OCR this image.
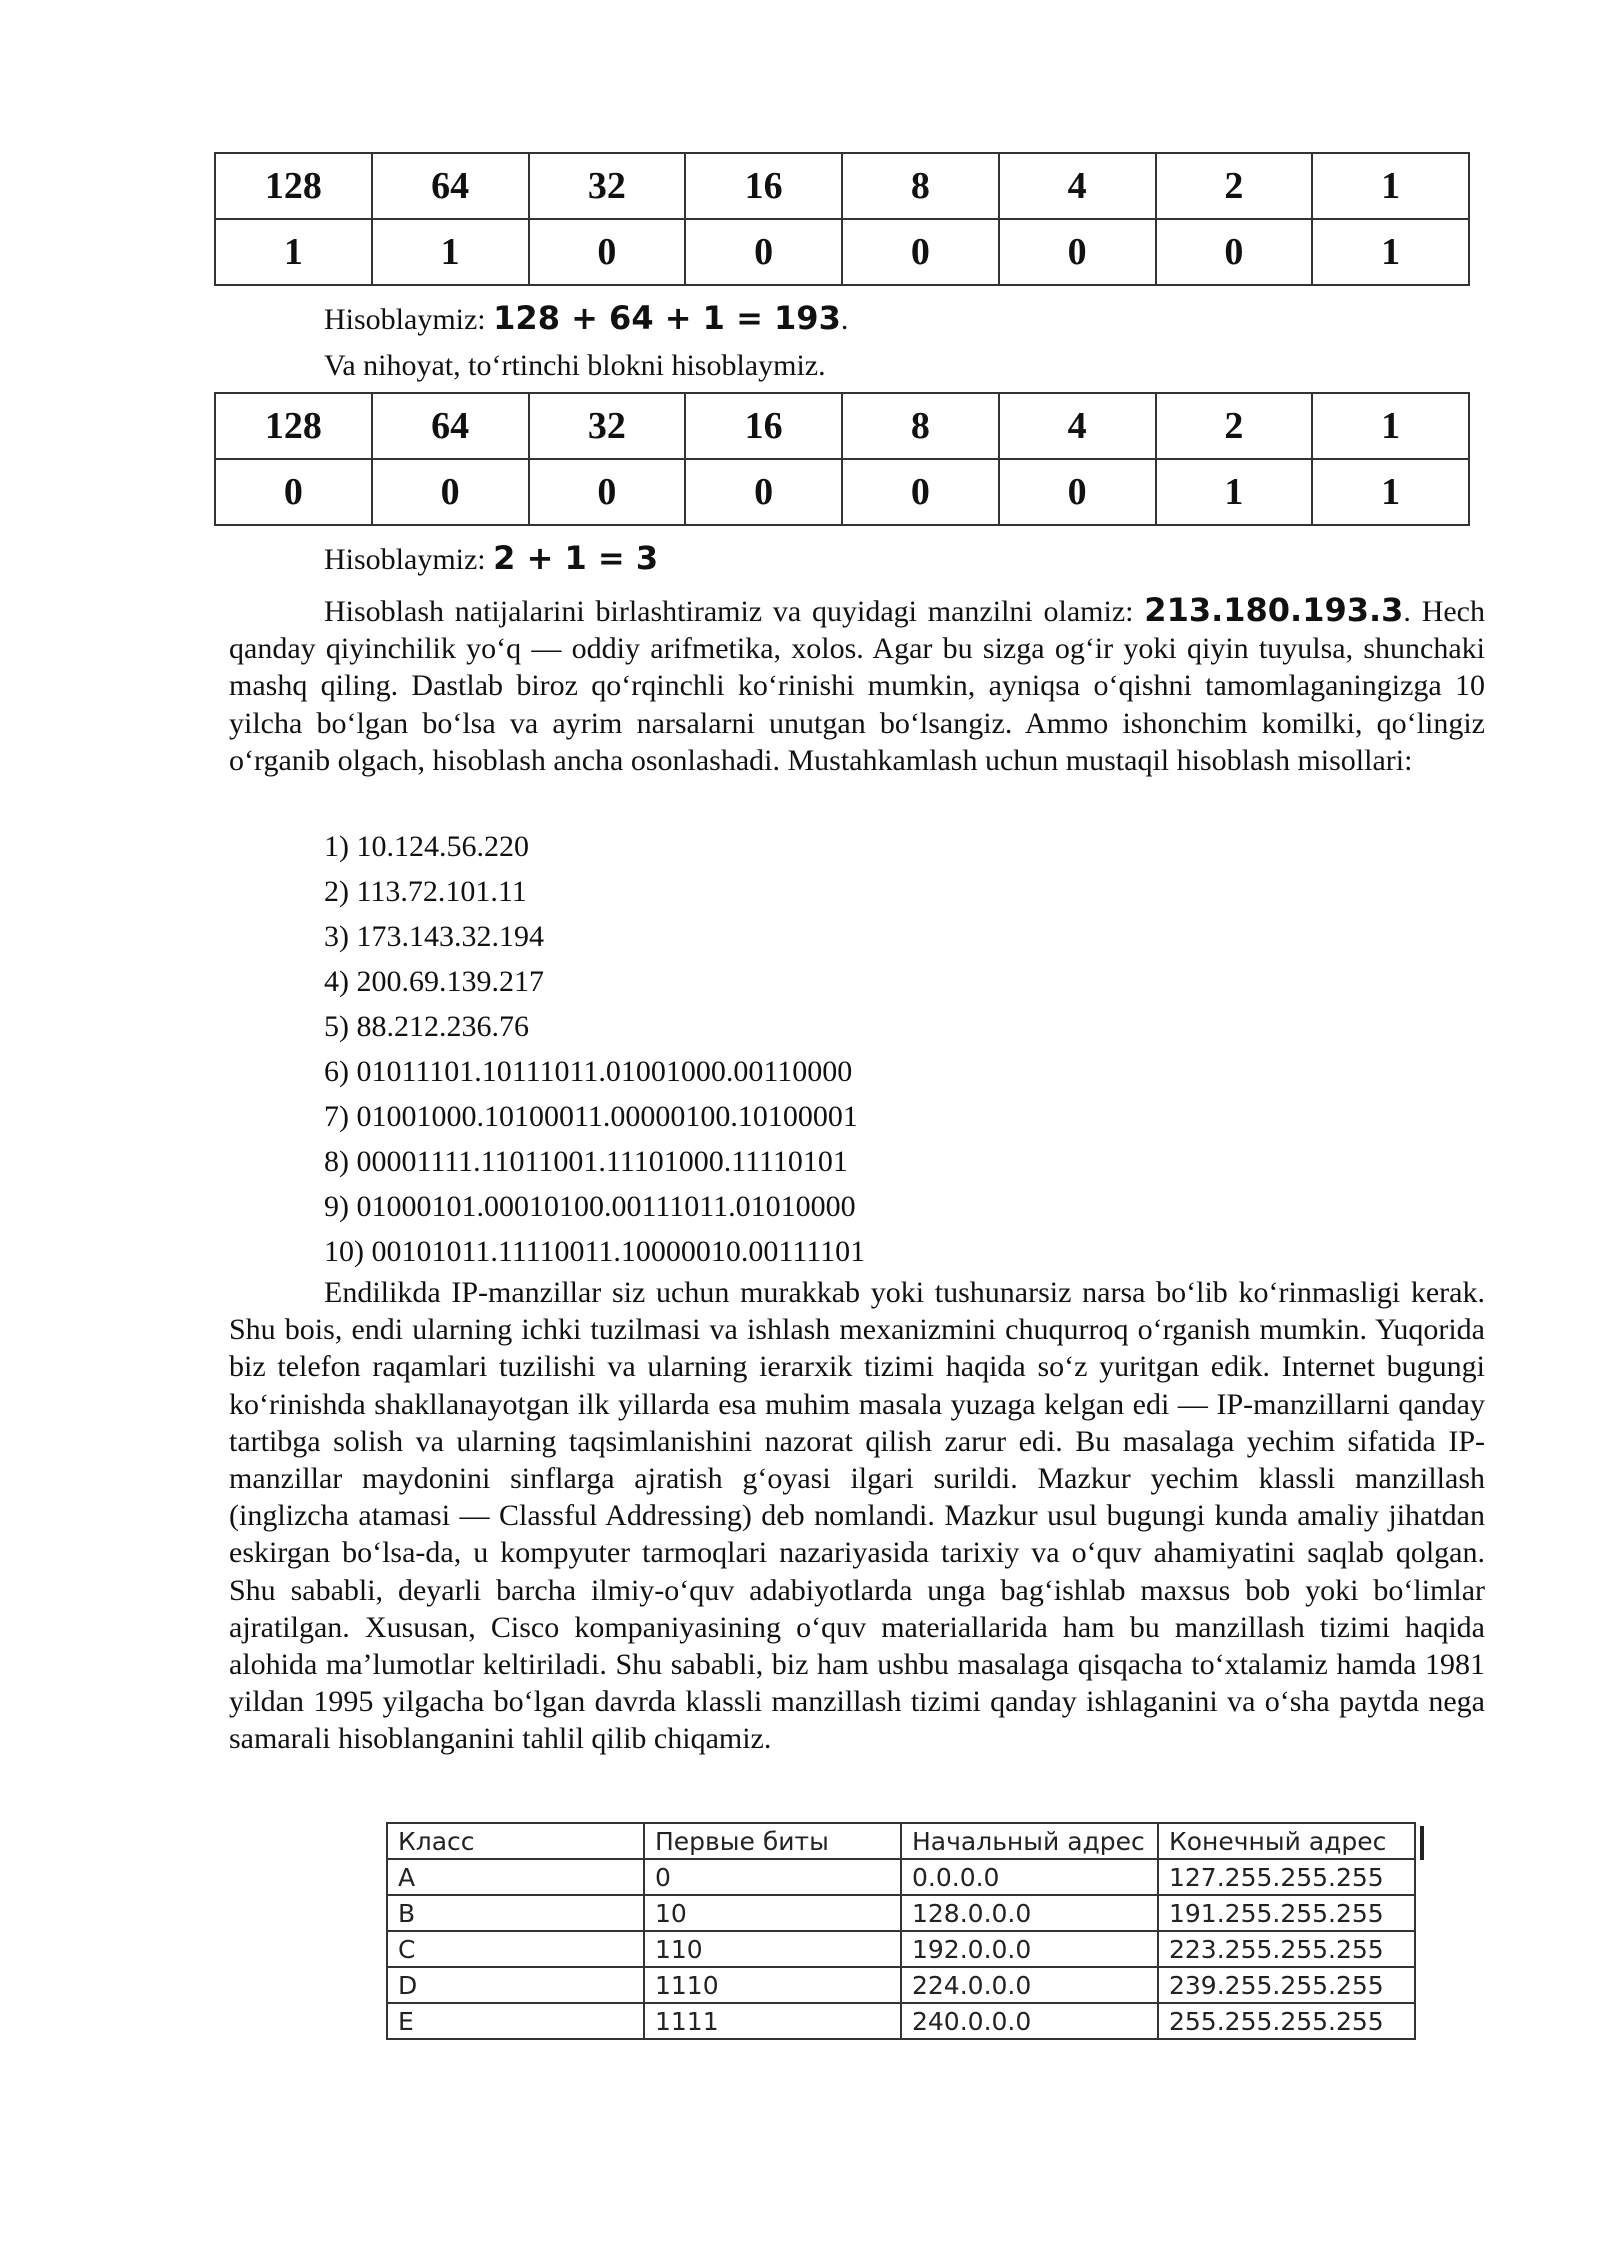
128	64	32	16	8	4	2	1
1	1	0	0	0	0	0	1
Hisoblaymiz: 128 + 64 + 1 = 193.
Va nihoyat, to‘rtinchi blokni hisoblaymiz.
128	64	32	16	8	4	2	1
0	0	0	0	0	0	1	1
Hisoblaymiz: 2 + 1 = 3

Hisoblash natijalarini birlashtiramiz va quyidagi manzilni olamiz: 213.180.193.3. Hech qanday qiyinchilik yo‘q — oddiy arifmetika, xolos. Agar bu sizga og‘ir yoki qiyin tuyulsa, shunchaki mashq qiling. Dastlab biroz qo‘rqinchli ko‘rinishi mumkin, ayniqsa o‘qishni tamomlaganingizga 10 yilcha bo‘lgan bo‘lsa va ayrim narsalarni unutgan bo‘lsangiz. Ammo ishonchim komilki, qo‘lingiz o‘rganib olgach, hisoblash ancha osonlashadi. Mustahkamlash uchun mustaqil hisoblash misollari:

1) 10.124.56.220
2) 113.72.101.11
3) 173.143.32.194
4) 200.69.139.217
5) 88.212.236.76
6) 01011101.10111011.01001000.00110000
7) 01001000.10100011.00000100.10100001
8) 00001111.11011001.11101000.11110101
9) 01000101.00010100.00111011.01010000
10) 00101011.11110011.10000010.00111101

Endilikda IP-manzillar siz uchun murakkab yoki tushunarsiz narsa bo‘lib ko‘rinmasligi kerak. Shu bois, endi ularning ichki tuzilmasi va ishlash mexanizmini chuqurroq o‘rganish mumkin. Yuqorida biz telefon raqamlari tuzilishi va ularning ierarxik tizimi haqida so‘z yuritgan edik. Internet bugungi ko‘rinishda shakllanayotgan ilk yillarda esa muhim masala yuzaga kelgan edi — IP-manzillarni qanday tartibga solish va ularning taqsimlanishini nazorat qilish zarur edi. Bu masalaga yechim sifatida IP-manzillar maydonini sinflarga ajratish g‘oyasi ilgari surildi. Mazkur yechim klassli manzillash (inglizcha atamasi — Classful Addressing) deb nomlandi. Mazkur usul bugungi kunda amaliy jihatdan eskirgan bo‘lsa-da, u kompyuter tarmoqlari nazariyasida tarixiy va o‘quv ahamiyatini saqlab qolgan. Shu sababli, deyarli barcha ilmiy-o‘quv adabiyotlarda unga bag‘ishlab maxsus bob yoki bo‘limlar ajratilgan. Xususan, Cisco kompaniyasining o‘quv materiallarida ham bu manzillash tizimi haqida alohida ma’lumotlar keltiriladi. Shu sababli, biz ham ushbu masalaga qisqacha to‘xtalamiz hamda 1981 yildan 1995 yilgacha bo‘lgan davrda klassli manzillash tizimi qanday ishlaganini va o‘sha paytda nega samarali hisoblanganini tahlil qilib chiqamiz.

Класс	Первые биты	Начальный адрес	Конечный адрес
A	0	0.0.0.0	127.255.255.255
B	10	128.0.0.0	191.255.255.255
C	110	192.0.0.0	223.255.255.255
D	1110	224.0.0.0	239.255.255.255
E	1111	240.0.0.0	255.255.255.255
